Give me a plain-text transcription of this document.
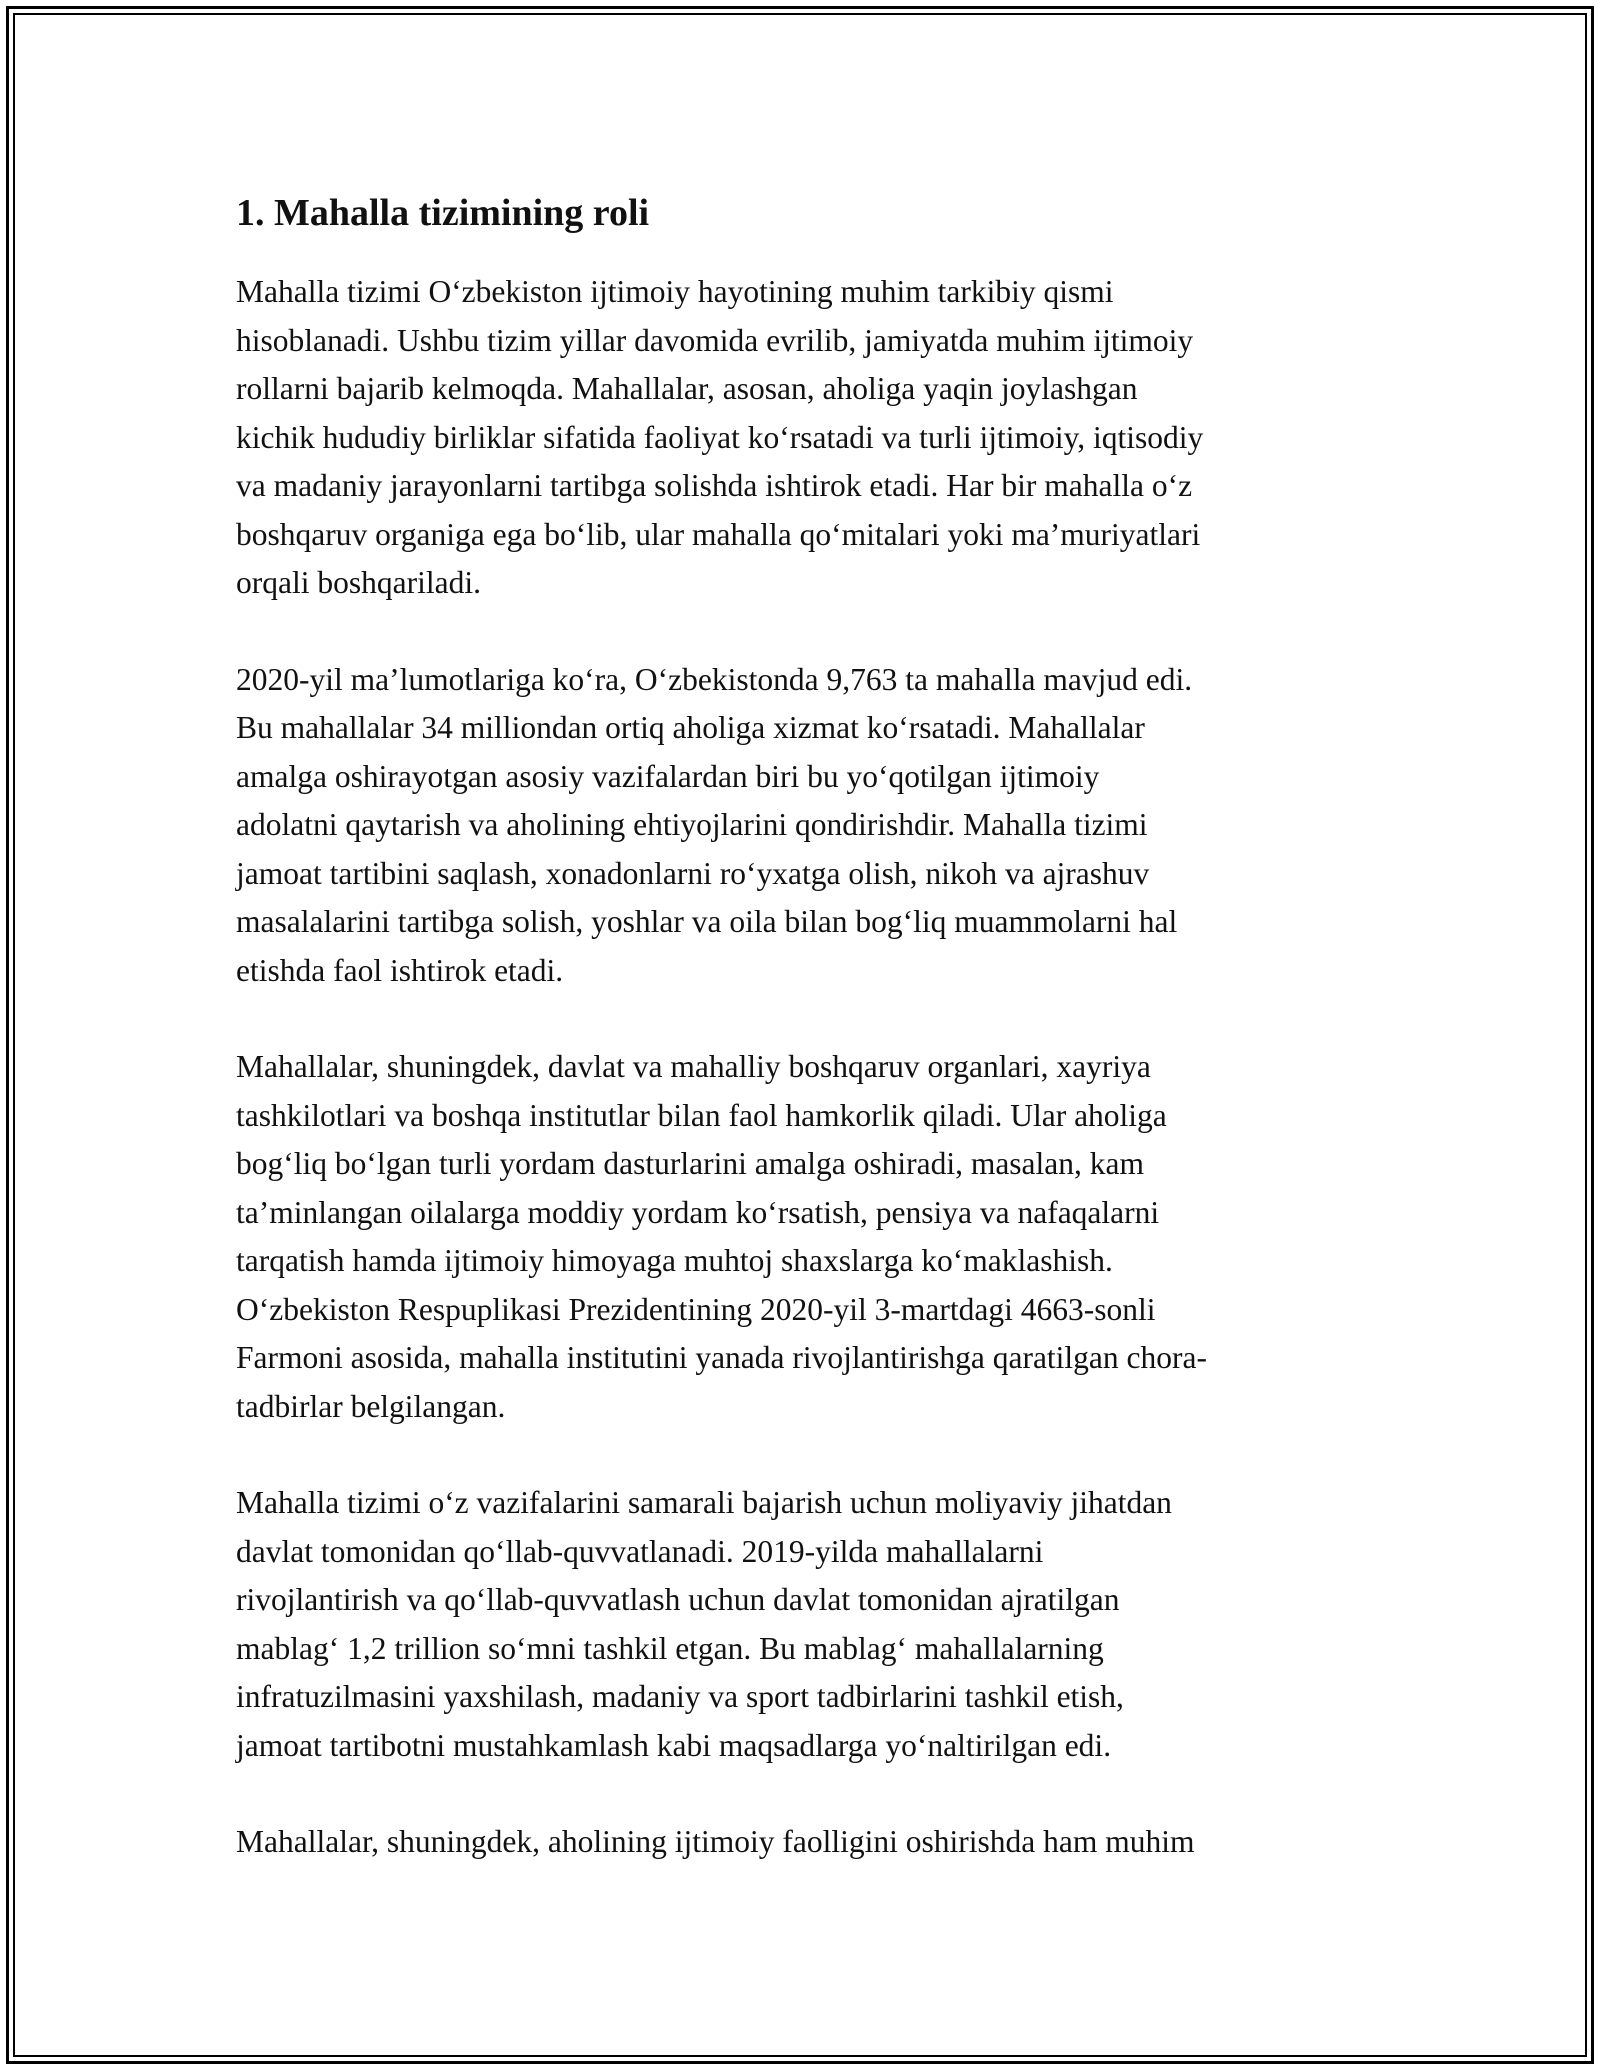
1. Mahalla tizimining roli

Mahalla tizimi O‘zbekiston ijtimoiy hayotining muhim tarkibiy qismi
hisoblanadi. Ushbu tizim yillar davomida evrilib, jamiyatda muhim ijtimoiy
rollarni bajarib kelmoqda. Mahallalar, asosan, aholiga yaqin joylashgan
kichik hududiy birliklar sifatida faoliyat ko‘rsatadi va turli ijtimoiy, iqtisodiy
va madaniy jarayonlarni tartibga solishda ishtirok etadi. Har bir mahalla o‘z
boshqaruv organiga ega bo‘lib, ular mahalla qo‘mitalari yoki ma’muriyatlari
orqali boshqariladi.

2020-yil ma’lumotlariga ko‘ra, O‘zbekistonda 9,763 ta mahalla mavjud edi.
Bu mahallalar 34 milliondan ortiq aholiga xizmat ko‘rsatadi. Mahallalar
amalga oshirayotgan asosiy vazifalardan biri bu yo‘qotilgan ijtimoiy
adolatni qaytarish va aholining ehtiyojlarini qondirishdir. Mahalla tizimi
jamoat tartibini saqlash, xonadonlarni ro‘yxatga olish, nikoh va ajrashuv
masalalarini tartibga solish, yoshlar va oila bilan bog‘liq muammolarni hal
etishda faol ishtirok etadi.

Mahallalar, shuningdek, davlat va mahalliy boshqaruv organlari, xayriya
tashkilotlari va boshqa institutlar bilan faol hamkorlik qiladi. Ular aholiga
bog‘liq bo‘lgan turli yordam dasturlarini amalga oshiradi, masalan, kam
ta’minlangan oilalarga moddiy yordam ko‘rsatish, pensiya va nafaqalarni
tarqatish hamda ijtimoiy himoyaga muhtoj shaxslarga ko‘maklashish.
O‘zbekiston Respuplikasi Prezidentining 2020-yil 3-martdagi 4663-sonli
Farmoni asosida, mahalla institutini yanada rivojlantirishga qaratilgan chora-
tadbirlar belgilangan.

Mahalla tizimi o‘z vazifalarini samarali bajarish uchun moliyaviy jihatdan
davlat tomonidan qo‘llab-quvvatlanadi. 2019-yilda mahallalarni
rivojlantirish va qo‘llab-quvvatlash uchun davlat tomonidan ajratilgan
mablag‘ 1,2 trillion so‘mni tashkil etgan. Bu mablag‘ mahallalarning
infratuzilmasini yaxshilash, madaniy va sport tadbirlarini tashkil etish,
jamoat tartibotni mustahkamlash kabi maqsadlarga yo‘naltirilgan edi.

Mahallalar, shuningdek, aholining ijtimoiy faolligini oshirishda ham muhim
